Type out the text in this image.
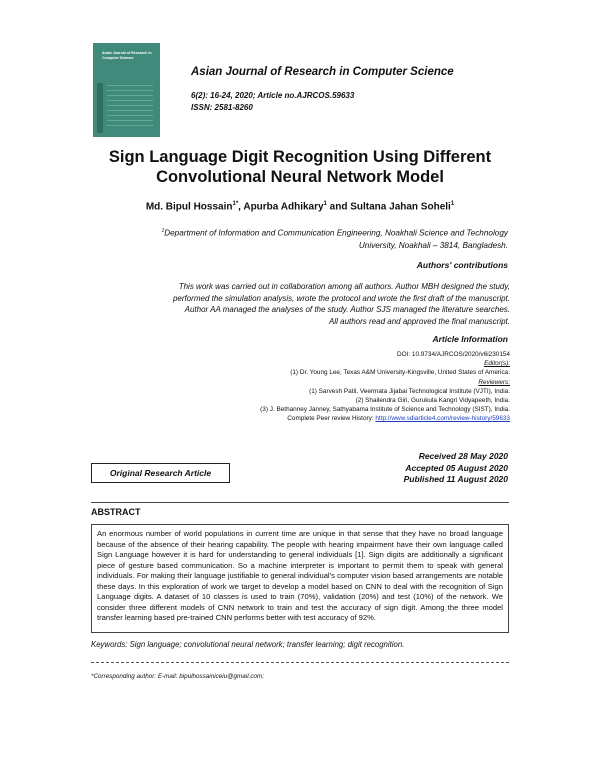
Asian Journal of Research in Computer Science
Asian Journal of Research in Computer Science
6(2): 16-24, 2020; Article no.AJRCOS.59633
ISSN: 2581-8260
Sign Language Digit Recognition Using Different
Convolutional Neural Network Model
Md. Bipul Hossain$^{1*}$, Apurba Adhikary$^1$ and Sultana Jahan Soheli$^1$
$^1$Department of Information and Communication Engineering, Noakhali Science and Technology
University, Noakhali – 3814, Bangladesh.
Authors' contributions
This work was carried out in collaboration among all authors. Author MBH designed the study,
performed the simulation analysis, wrote the protocol and wrote the first draft of the manuscript.
Author AA managed the analyses of the study. Author SJS managed the literature searches.
All authors read and approved the final manuscript.
Article Information
DOI: 10.9734/AJRCOS/2020/v6i230154
Editor(s):
(1) Dr. Young Lee, Texas A&M University-Kingsville, United States of America.
Reviewers:
(1) Sarvesh Patil, Veermata Jijabai Technological Institute (VJTI), India.
(2) Shailendra Giri, Gurukula Kangri Vidyapeeth, India.
(3) J. Bethanney Janney, Sathyabama Institute of Science and Technology (SIST), India.
Complete Peer review History: http://www.sdiarticle4.com/review-history/59633
Original Research Article
Received 28 May 2020
Accepted 05 August 2020
Published 11 August 2020
ABSTRACT
An enormous number of world populations in current time are unique in that sense that they have no broad language because of the absence of their hearing capability. The people with hearing impairment have their own language called Sign Language however it is hard for understanding to general individuals [1]. Sign digits are additionally a significant piece of gesture based communication. So a machine interpreter is important to permit them to speak with general individuals. For making their language justifiable to general individual's computer vision based arrangements are notable these days. In this exploration of work we target to develop a model based on CNN to deal with the recognition of Sign Language digits. A dataset of 10 classes is used to train (70%), validation (20%) and test (10%) of the network. We consider three different models of CNN network to train and test the accuracy of sign digit. Among the three model transfer learning based pre-trained CNN performs better with test accuracy of 92%.
Keywords: Sign language; convolutional neural network; transfer learning; digit recognition.
*Corresponding author: E-mail: bipulhossainiceiu@gmail.com;
